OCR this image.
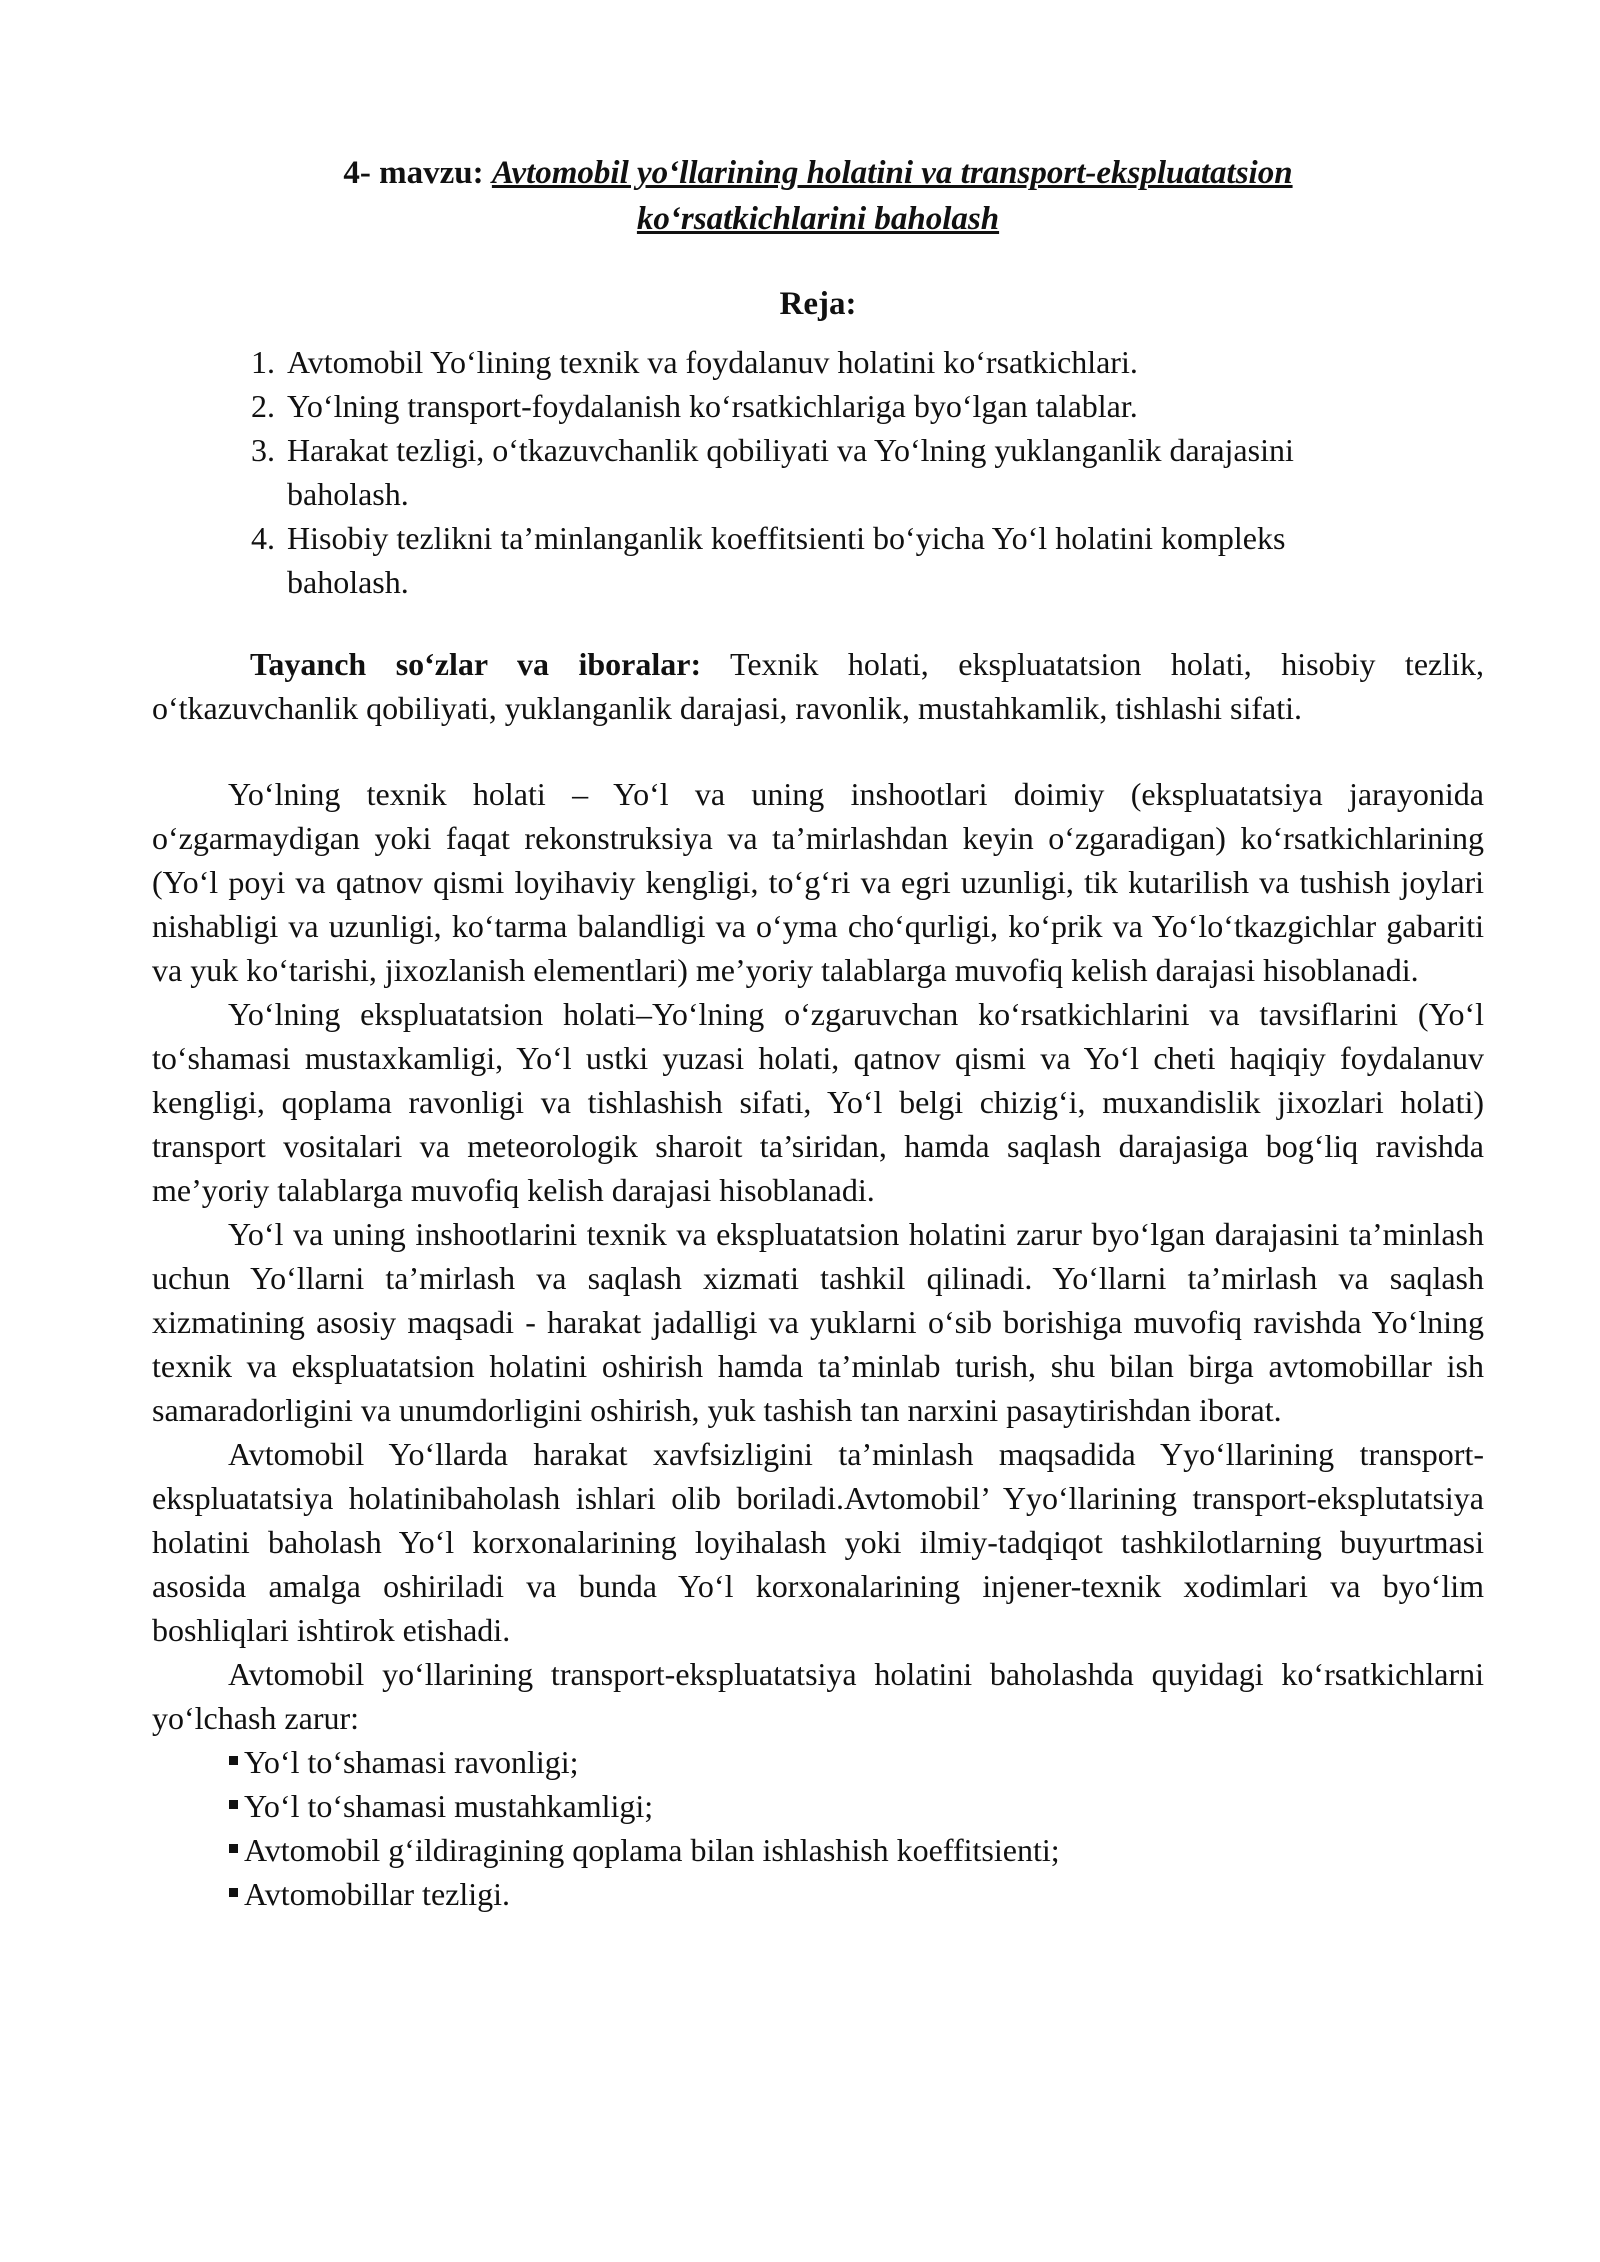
4- mavzu: Avtomobil yo‘llarining holatini va transport-ekspluatatsion
ko‘rsatkichlarini baholash
Reja:
1. Avtomobil Yo‘lining texnik va foydalanuv holatini ko‘rsatkichlari.
2. Yo‘lning transport-foydalanish ko‘rsatkichlariga byo‘lgan talablar.
3. Harakat tezligi, o‘tkazuvchanlik qobiliyati va Yo‘lning yuklanganlik darajasini baholash.
4. Hisobiy tezlikni ta’minlanganlik koeffitsienti bo‘yicha Yo‘l holatini kompleks baholash.

Tayanch so‘zlar va iboralar: Texnik holati, ekspluatatsion holati, hisobiy tezlik, o‘tkazuvchanlik qobiliyati, yuklanganlik darajasi, ravonlik, mustahkamlik, tishlashi sifati.

Yo‘lning texnik holati – Yo‘l va uning inshootlari doimiy (ekspluatatsiya jarayonida o‘zgarmaydigan yoki faqat rekonstruksiya va ta’mirlashdan keyin o‘zgaradigan) ko‘rsatkichlarining (Yo‘l poyi va qatnov qismi loyihaviy kengligi, to‘g‘ri va egri uzunligi, tik kutarilish va tushish joylari nishabligi va uzunligi, ko‘tarma balandligi va o‘yma cho‘qurligi, ko‘prik va Yo‘lo‘tkazgichlar gabariti va yuk ko‘tarishi, jixozlanish elementlari) me’yoriy talablarga muvofiq kelish darajasi hisoblanadi.

Yo‘lning ekspluatatsion holati–Yo‘lning o‘zgaruvchan ko‘rsatkichlarini va tavsiflarini (Yo‘l to‘shamasi mustaxkamligi, Yo‘l ustki yuzasi holati, qatnov qismi va Yo‘l cheti haqiqiy foydalanuv kengligi, qoplama ravonligi va tishlashish sifati, Yo‘l belgi chizig‘i, muxandislik jixozlari holati) transport vositalari va meteorologik sharoit ta’siridan, hamda saqlash darajasiga bog‘liq ravishda me’yoriy talablarga muvofiq kelish darajasi hisoblanadi.

Yo‘l va uning inshootlarini texnik va ekspluatatsion holatini zarur byo‘lgan darajasini ta’minlash uchun Yo‘llarni ta’mirlash va saqlash xizmati tashkil qilinadi. Yo‘llarni ta’mirlash va saqlash xizmatining asosiy maqsadi - harakat jadalligi va yuklarni o‘sib borishiga muvofiq ravishda Yo‘lning texnik va ekspluatatsion holatini oshirish hamda ta’minlab turish, shu bilan birga avtomobillar ish samaradorligini va unumdorligini oshirish, yuk tashish tan narxini pasaytirishdan iborat.

Avtomobil Yo‘llarda harakat xavfsizligini ta’minlash maqsadida Yyo‘llarining transport-ekspluatatsiya holatinibaholash ishlari olib boriladi.Avtomobil’ Yyo‘llarining transport-eksplutatsiya holatini baholash Yo‘l korxonalarining loyihalash yoki ilmiy-tadqiqot tashkilotlarning buyurtmasi asosida amalga oshiriladi va bunda Yo‘l korxonalarining injener-texnik xodimlari va byo‘lim boshliqlari ishtirok etishadi.

Avtomobil yo‘llarining transport-ekspluatatsiya holatini baholashda quyidagi ko‘rsatkichlarni yo‘lchash zarur:

Yo‘l to‘shamasi ravonligi;
Yo‘l to‘shamasi mustahkamligi;
Avtomobil g‘ildiragining qoplama bilan ishlashish koeffitsienti;
Avtomobillar tezligi.
